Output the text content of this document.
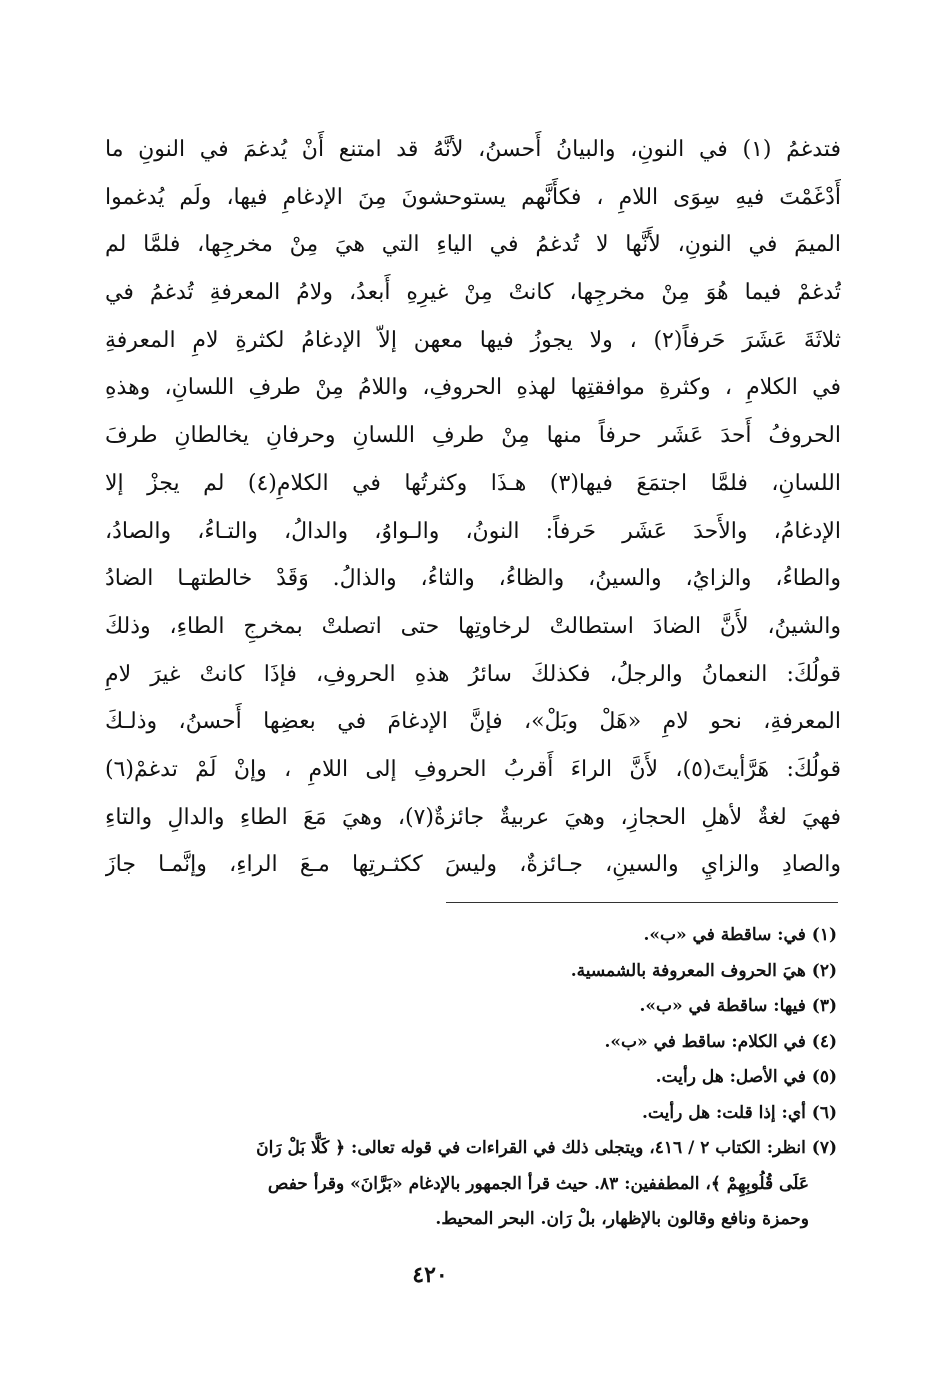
فتدغمُ (١) في النونِ، والبيانُ أَحسنُ، لأنَّهُ قد امتنع أَنْ يُدغمَ في النونِ ما
أَدْغَمْتَ فيهِ سِوَى اللامِ ، فكأَنَّهم يستوحشونَ مِنَ الإدغامِ فيها، ولَم يُدغموا
الميمَ في النونِ، لأَنَّها لا تُدغمُ في الياءِ التي هيَ مِنْ مخرجِها، فلمَّا لم
تُدغمْ فيما هُوَ مِنْ مخرجِها، كانتْ مِنْ غيرِهِ أَبعدُ، ولامُ المعرفةِ تُدغمُ في
ثلاثَةَ عَشَرَ حَرفاً(٢) ، ولا يجوزُ فيها معهن إلاّ الإدغامُ لكثرةِ لامِ المعرفةِ
في الكلامِ ، وكثرةِ موافقتِها لهذهِ الحروفِ، واللامُ مِنْ طرفِ اللسانِ، وهذهِ
الحروفُ أَحدَ عَشَر حرفاً منها مِنْ طرفِ اللسانِ وحرفانِ يخالطانِ طرفَ
اللسانِ، فلمَّا اجتمَعَ فيها(٣) هـذَا وكثرتُها في الكلامِ(٤) لم يجزْ إلا
الإدغامُ، والأَحدَ عَشَر حَرفاً: النونُ، والـواوُ، والدالُ، والتـاءُ، والصادُ،
والطاءُ، والزايُ، والسينُ، والظاءُ، والثاءُ، والذالُ. وَقَدْ خالطتهـا الضادُ
والشينُ، لأَنَّ الضادَ استطالتْ لرخاوتِها حتى اتصلتْ بمخرجِ الطاءِ، وذلكَ
قولُكَ: النعمانُ والرجلُ، فكذلكَ سائرُ هذهِ الحروفِ، فإذَا كانتْ غيرَ لامِ
المعرفةِ، نحو لامِ «هَلْ وبَلْ»، فإنَّ الإدغامَ في بعضِها أَحسنُ، وذلـكَ
قولُكَ: هَرَّأيتَ(٥)، لأَنَّ الراءَ أَقربُ الحروفِ إلى اللامِ ، وإنْ لَمْ تدغمْ(٦)
فهيَ لغةٌ لأهلِ الحجازِ، وهيَ عربيةٌ جائزةٌ(٧)، وهيَ مَعَ الطاءِ والدالِ والتاءِ
والصادِ والزايِ والسينِ، جـائزةٌ، وليسَ ككثـرتِها مـعَ الراءِ، وإنَّمـا جازَ
(١) في: ساقطة في «ب».
(٢) هيَ الحروف المعروفة بالشمسية.
(٣) فيها: ساقطة في «ب».
(٤) في الكلام: ساقط في «ب».
(٥) في الأصل: هل رأيت.
(٦) أي: إذا قلت: هل رأيت.
(٧) انظر: الكتاب ٢ / ٤١٦، ويتجلى ذلك في القراءات في قوله تعالى: ﴿ كَلَّا بَلْ رَانَ
عَلَى قُلُوبِهِمْ ﴾، المطففين: ٨٣. حيث قرأ الجمهور بالإدغام «بَرَّانَ» وقرأ حفص
وحمزة ونافع وقالون بالإظهار، بلْ رَان. البحر المحيط.
٤٢٠
